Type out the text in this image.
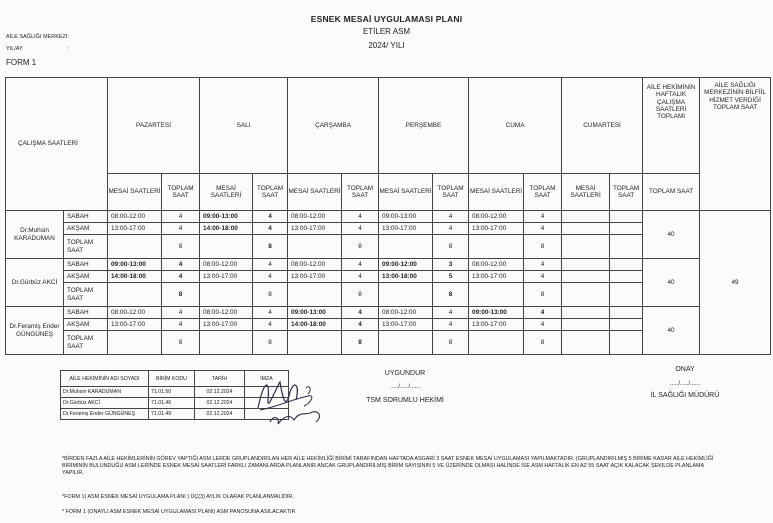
ESNEK MESAİ UYGULAMASI PLANI
ETİLER ASM
2024/ YILI
AİLE SAĞLIĞI MERKEZİ:
YIL/AY	:
FORM 1
ÇALIŞMA SAATLERİ		PAZARTESİ		SALI		ÇARŞAMBA		PERŞEMBE		CUMA		CUMARTESİ		AİLE HEKİMİNİN HAFTALIK ÇALIŞMA SAATLERİ TOPLAMI	AİLE SAĞLIĞI MERKEZİNİN BİLFİİL HİZMET VERDİĞİ TOPLAM SAAT
		MESAİ SAATLERİ	TOPLAM SAAT	MESAİ SAATLERİ	TOPLAM SAAT	MESAİ SAATLERİ	TOPLAM SAAT	MESAİ SAATLERİ	TOPLAM SAAT	MESAİ SAATLERİ	TOPLAM SAAT	MESAİ SAATLERİ	TOPLAM SAAT	TOPLAM SAAT	
Dr.Muhsin KARADUMAN	SABAH	08:00-12:00	4	09:00-13:00	4	08:00-12:00	4	09:00-13:00	4	08:00-12:00	4			40	49
	AKŞAM	13:00-17:00	4	14:00-18:00	4	13:00-17:00	4	13:00-17:00	4	13:00-17:00	4				
	TOPLAM SAAT		8		8		8		8		8				
Dr.Gürbüz AKCİ	SABAH	09:00-13:00	4	08:00-12:00	4	08:00-12:00	4	09:00-12:00	3	08:00-12:00	4			40	
	AKŞAM	14:00-18:00	4	13:00-17:00	4	13:00-17:00	4	13:00-18:00	5	13:00-17:00	4				
	TOPLAM SAAT		8		8		8		8		8				
Dr.Feramiş Ender GÜNGÜNEŞ	SABAH	08:00-12:00	4	08:00-12:00	4	09:00-13:00	4	08:00-12:00	4	09:00-13:00	4			40	
	AKŞAM	13:00-17:00	4	13:00-17:00	4	14:00-18:00	4	13:00-17:00	4	13:00-17:00	4				
	TOPLAM SAAT		8		8		8		8		8				
AİLE HEKİMİNİN ADI SOYADI	BİRİM KODU	TARİH	İMZA
Dr.Muhsin KARADUMAN	71.01.50	02.12.2024	
Dr.Gürbüz AKCİ	71.01.46	02.12.2024	
Dr.Feramiş Ender GÜNGÜNEŞ	71.01.49	02.12.2024	
UYGUNDUR
...../...../......
TSM SORUMLU HEKİMİ
ONAY
...../...../......
İL SAĞLIĞI MÜDÜRÜ
*BİRDEN FAZLA AİLE HEKİMLERİNİN GÖREV YAPTIĞI ASM LERDE GRUPLANDIRILAN HER AİLE HEKİMLİĞİ BİRİMİ TARAFINDAN HAFTADA ASGARİ 3 SAAT ESNEK MESAİ UYGULAMASI YAPILMAKTADIR. (GRUPLANDIRILMIŞ 5 BİRİME KADAR AİLE HEKİMLİĞİ BİRİMİNİN BULUNDUĞU ASM LERİNDE ESNEK MESAİ SAATLERİ FARKLI ZAMANLARDA PLANLANIR ANCAK GRUPLANDIRILMIŞ BİRİM SAYISININ 5 VE ÜZERİNDE OLMASI HALİNDE İSE ASM HAFTALIK EN AZ 55 SAAT AÇIK KALACAK ŞEKİLDE PLANLAMA YAPILIR.
*FORM 1( ASM ESNEK MESAİ UYGULAMA PLANI ) ÜÇ(3) AYLIK OLARAK PLANLANMALIDIR.
* FORM 1 (ONAYLI ASM ESNEK MESAİ UYGULAMASI PLANI) ASM PANOSUNA ASILACAKTIR
